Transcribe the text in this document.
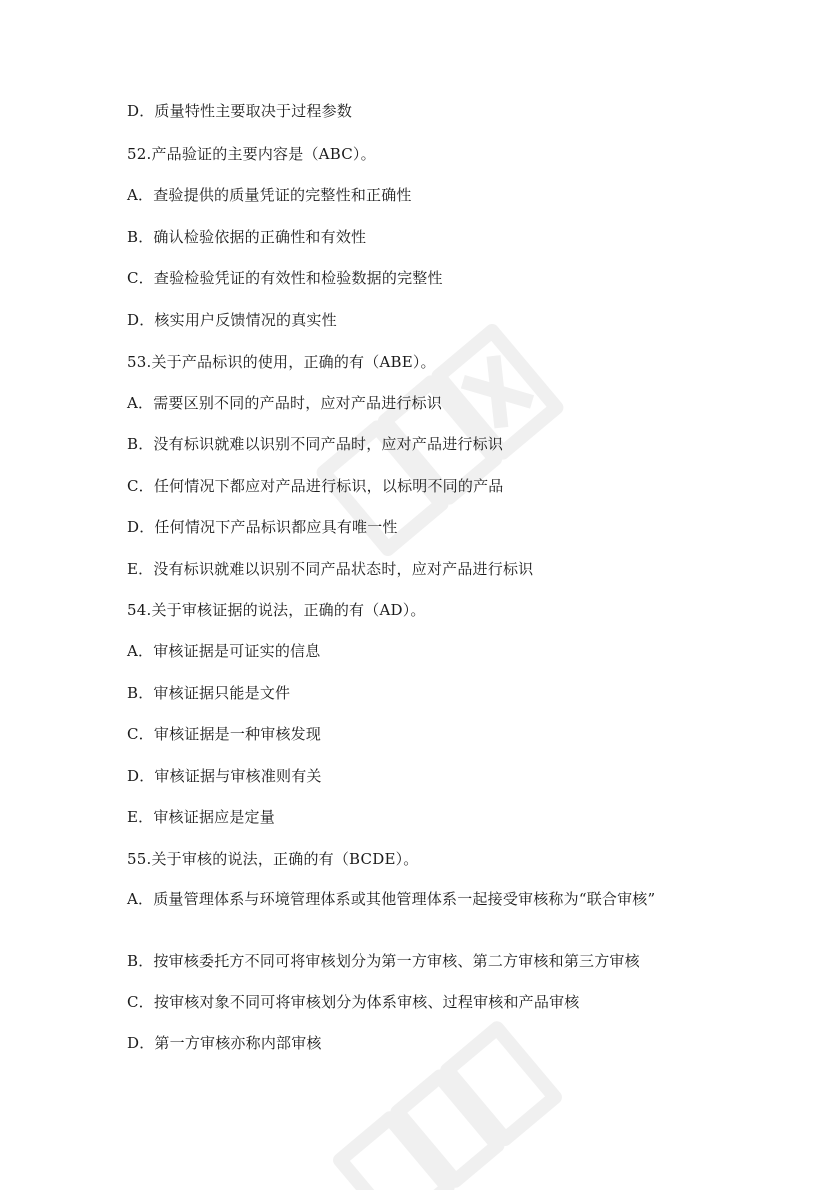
D．质量特性主要取决于过程参数
52.产品验证的主要内容是（ABC）。
A．查验提供的质量凭证的完整性和正确性
B．确认检验依据的正确性和有效性
C．查验检验凭证的有效性和检验数据的完整性
D．核实用户反馈情况的真实性
53.关于产品标识的使用，正确的有（ABE）。
A．需要区别不同的产品时，应对产品进行标识
B．没有标识就难以识别不同产品时，应对产品进行标识
C．任何情况下都应对产品进行标识，以标明不同的产品
D．任何情况下产品标识都应具有唯一性
E．没有标识就难以识别不同产品状态时，应对产品进行标识
54.关于审核证据的说法，正确的有（AD）。
A．审核证据是可证实的信息
B．审核证据只能是文件
C．审核证据是一种审核发现
D．审核证据与审核准则有关
E．审核证据应是定量
55.关于审核的说法，正确的有（BCDE）。
A．质量管理体系与环境管理体系或其他管理体系一起接受审核称为“联合审核”
B．按审核委托方不同可将审核划分为第一方审核、第二方审核和第三方审核
C．按审核对象不同可将审核划分为体系审核、过程审核和产品审核
D．第一方审核亦称内部审核
